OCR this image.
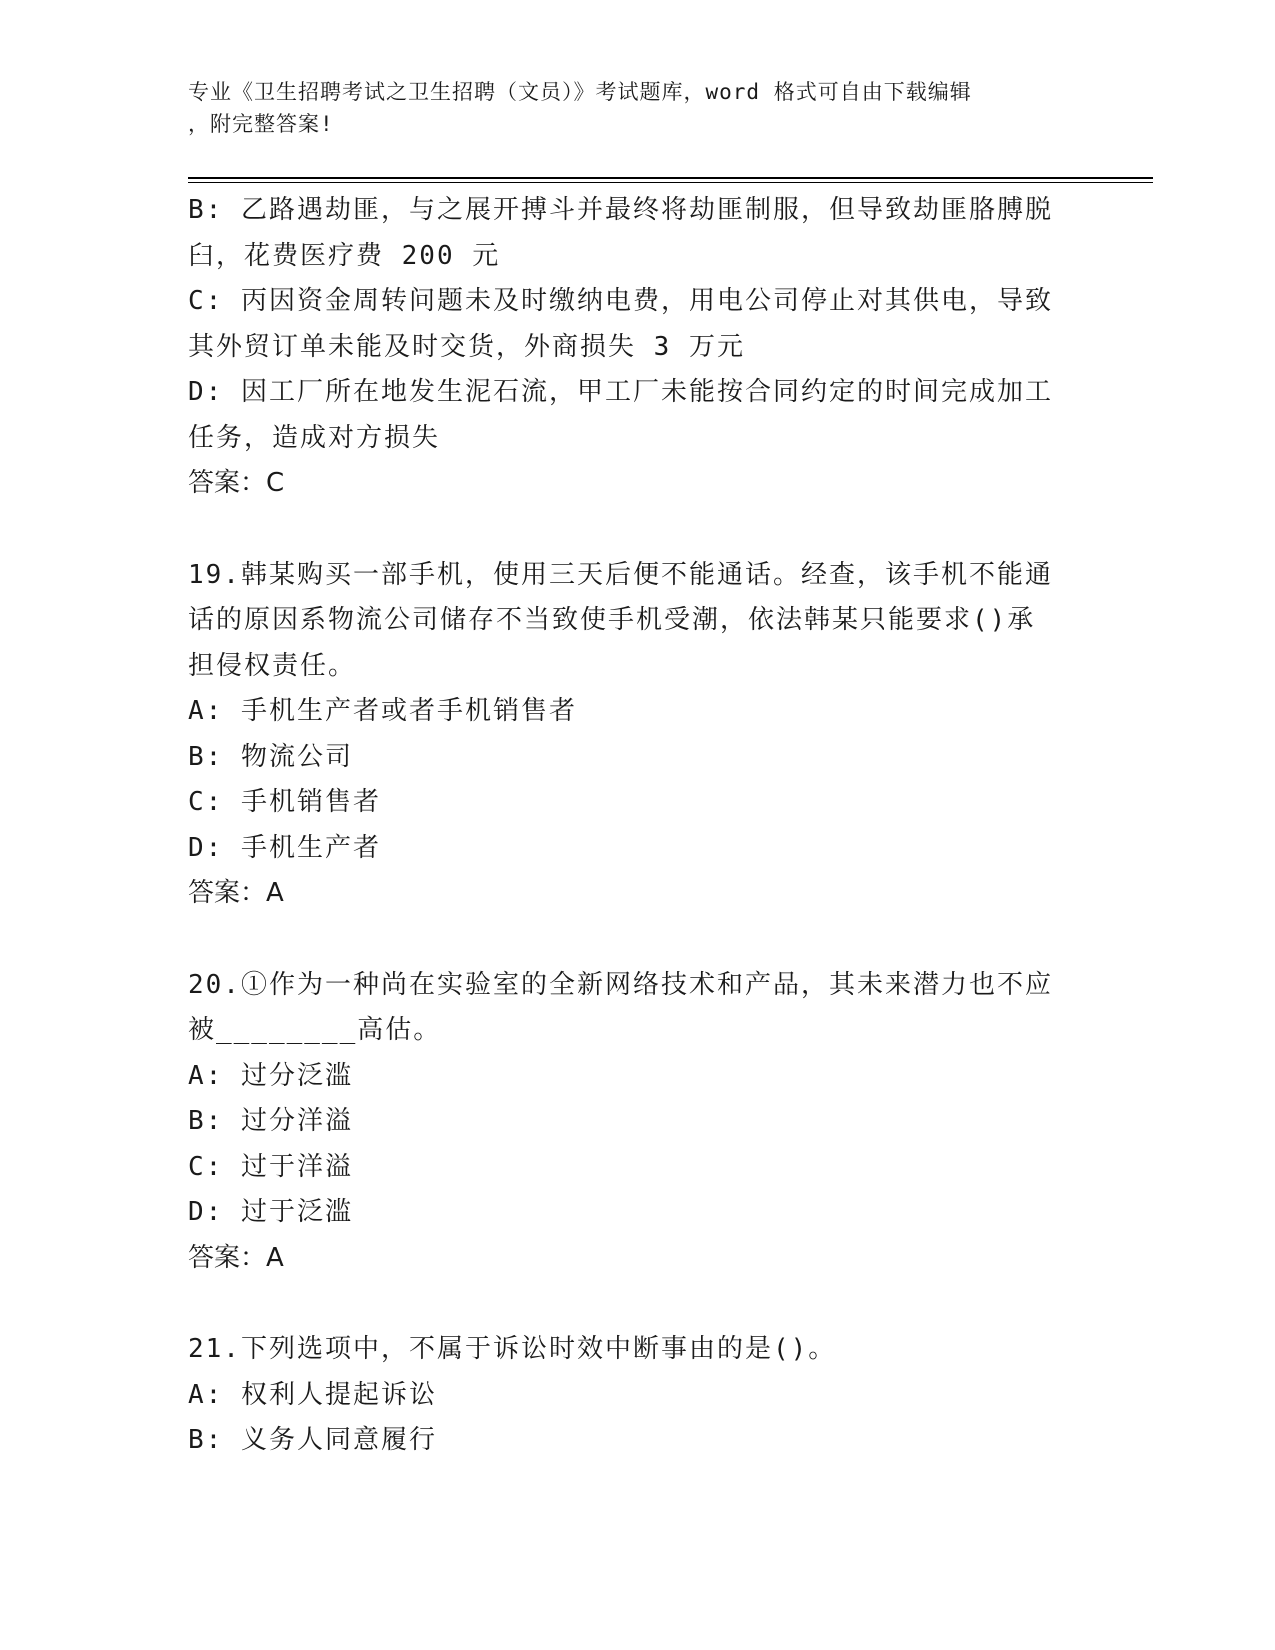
专业《卫生招聘考试之卫生招聘（文员）》考试题库，word 格式可自由下载编辑
，附完整答案!
B: 乙路遇劫匪，与之展开搏斗并最终将劫匪制服，但导致劫匪胳膊脱
臼，花费医疗费 200 元
C: 丙因资金周转问题未及时缴纳电费，用电公司停止对其供电，导致
其外贸订单未能及时交货，外商损失 3 万元
D: 因工厂所在地发生泥石流，甲工厂未能按合同约定的时间完成加工
任务，造成对方损失
答案：C
19.韩某购买一部手机，使用三天后便不能通话。经查，该手机不能通
话的原因系物流公司储存不当致使手机受潮，依法韩某只能要求()承
担侵权责任。
A: 手机生产者或者手机销售者
B: 物流公司
C: 手机销售者
D: 手机生产者
答案：A
20.①作为一种尚在实验室的全新网络技术和产品，其未来潜力也不应
被________高估。
A: 过分泛滥
B: 过分洋溢
C: 过于洋溢
D: 过于泛滥
答案：A
21.下列选项中，不属于诉讼时效中断事由的是()。
A: 权利人提起诉讼
B: 义务人同意履行
